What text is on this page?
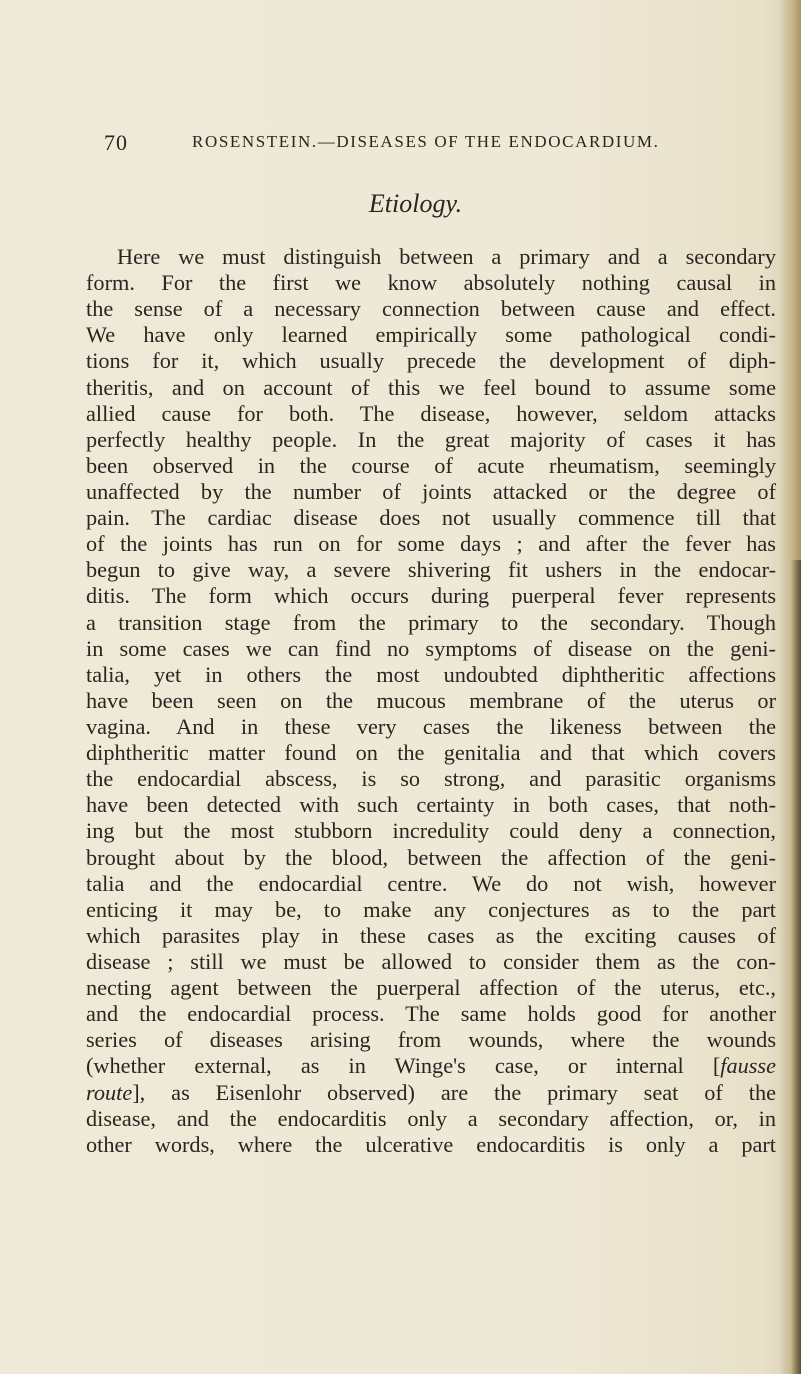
70	ROSENSTEIN.—DISEASES OF THE ENDOCARDIUM.
Etiology.
Here we must distinguish between a primary and a secondary
form. For the first we know absolutely nothing causal in
the sense of a necessary connection between cause and effect.
We have only learned empirically some pathological condi-
tions for it, which usually precede the development of diph-
theritis, and on account of this we feel bound to assume some
allied cause for both. The disease, however, seldom attacks
perfectly healthy people. In the great majority of cases it has
been observed in the course of acute rheumatism, seemingly
unaffected by the number of joints attacked or the degree of
pain. The cardiac disease does not usually commence till that
of the joints has run on for some days ; and after the fever has
begun to give way, a severe shivering fit ushers in the endocar-
ditis. The form which occurs during puerperal fever represents
a transition stage from the primary to the secondary. Though
in some cases we can find no symptoms of disease on the geni-
talia, yet in others the most undoubted diphtheritic affections
have been seen on the mucous membrane of the uterus or
vagina. And in these very cases the likeness between the
diphtheritic matter found on the genitalia and that which covers
the endocardial abscess, is so strong, and parasitic organisms
have been detected with such certainty in both cases, that noth-
ing but the most stubborn incredulity could deny a connection,
brought about by the blood, between the affection of the geni-
talia and the endocardial centre. We do not wish, however
enticing it may be, to make any conjectures as to the part
which parasites play in these cases as the exciting causes of
disease ; still we must be allowed to consider them as the con-
necting agent between the puerperal affection of the uterus, etc.,
and the endocardial process. The same holds good for another
series of diseases arising from wounds, where the wounds
(whether external, as in Winge's case, or internal [fausse
route], as Eisenlohr observed) are the primary seat of the
disease, and the endocarditis only a secondary affection, or, in
other words, where the ulcerative endocarditis is only a part
